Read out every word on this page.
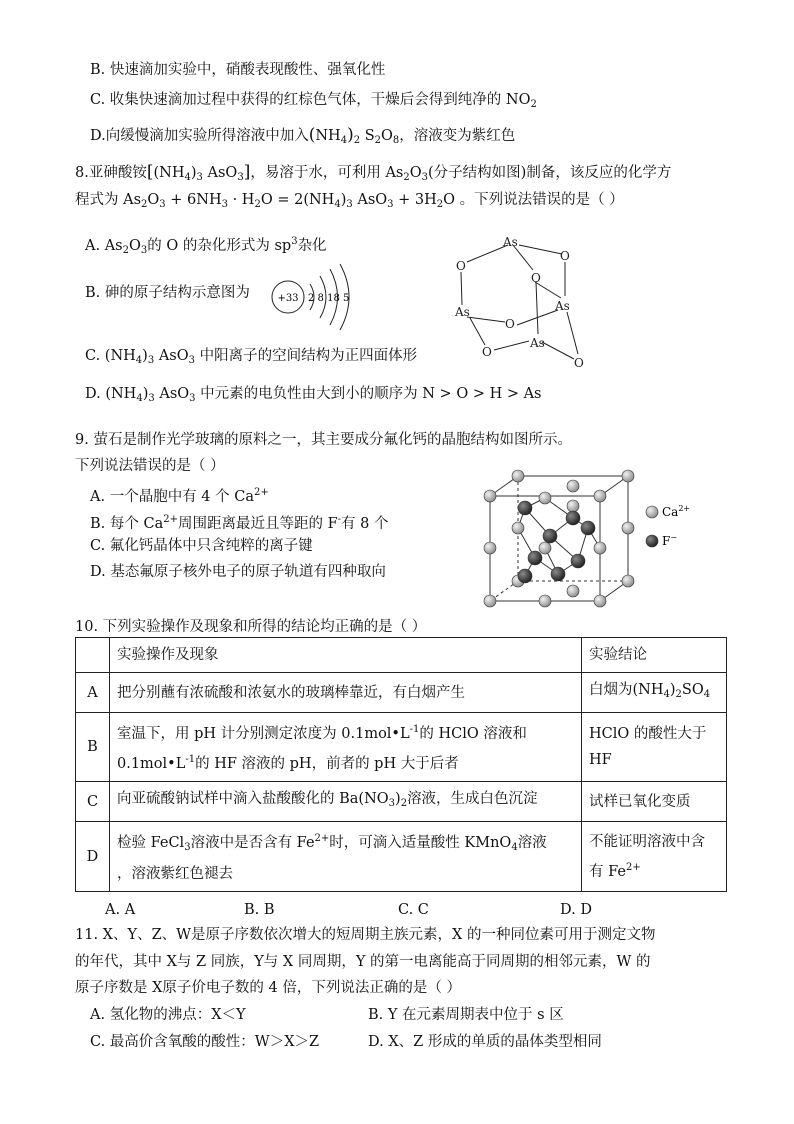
B. 快速滴加实验中，硝酸表现酸性、强氧化性
C. 收集快速滴加过程中获得的红棕色气体，干燥后会得到纯净的 $NO_2$
D.向缓慢滴加实验所得溶液中加入$(NH_4)_2$ $S_2O_8$，溶液变为紫红色
8.亚砷酸铵[$(NH_4)_3$ AsO$_3$]，易溶于水，可利用 $As_2O_3$(分子结构如图)制备，该反应的化学方
程式为 $As_2O_3 + 6NH_3 \cdot H_2O = 2(NH_4)_3$ $AsO_3 + 3H_2O$ 。下列说法错误的是（ ）
A. $As_2O_3$的 O 的杂化形式为 $sp^3$杂化
B. 砷的原子结构示意图为	+33 2 8 18 5
C. $(NH_4)_3$ AsO$_3$ 中阳离子的空间结构为正四面体形
D. $(NH_4)_3$ AsO$_3$ 中元素的电负性由大到小的顺序为 N > O > H > As
As
O
O
O
As	As
O
As
O
O
9. 萤石是制作光学玻璃的原料之一，其主要成分氟化钙的晶胞结构如图所示。
下列说法错误的是（ ）
A. 一个晶胞中有 4 个 $Ca^{2+}$
B. 每个 $Ca^{2+}$周围距离最近且等距的 F-有 8 个
C. 氟化钙晶体中只含纯粹的离子键
D. 基态氟原子核外电子的原子轨道有四种取向
$Ca^{2+}$
F−
10. 下列实验操作及现象和所得的结论均正确的是（ ）
	实验操作及现象	实验结论
A	把分别蘸有浓硫酸和浓氨水的玻璃棒靠近，有白烟产生	白烟为$(NH_4)_2SO_4$
B	室温下，用 pH 计分别测定浓度为 $0.1mol•L^{-1}$的 HClO 溶液和
$0.1mol•L^{-1}$的 HF 溶液的 pH，前者的 pH 大于后者	HClO 的酸性大于
HF
C	向亚硫酸钠试样中滴入盐酸酸化的 $Ba(NO_3)_2$溶液，生成白色沉淀	试样已氧化变质
D	检验 FeCl$_3$溶液中是否含有 $Fe^{2+}$时，可滴入适量酸性 KMnO$_4$溶液
，溶液紫红色褪去	不能证明溶液中含
有 $Fe^{2+}$
A. A	B. B	C. C	D. D
11. X、Y、Z、W是原子序数依次增大的短周期主族元素，X 的一种同位素可用于测定文物
的年代，其中 X与 Z 同族，Y与 X 同周期，Y 的第一电离能高于同周期的相邻元素，W 的
原子序数是 X原子价电子数的 4 倍，下列说法正确的是（ ）
A. 氢化物的沸点：X＜Y	B. Y 在元素周期表中位于 s 区
C. 最高价含氧酸的酸性：W＞X＞Z	D. X、Z 形成的单质的晶体类型相同
